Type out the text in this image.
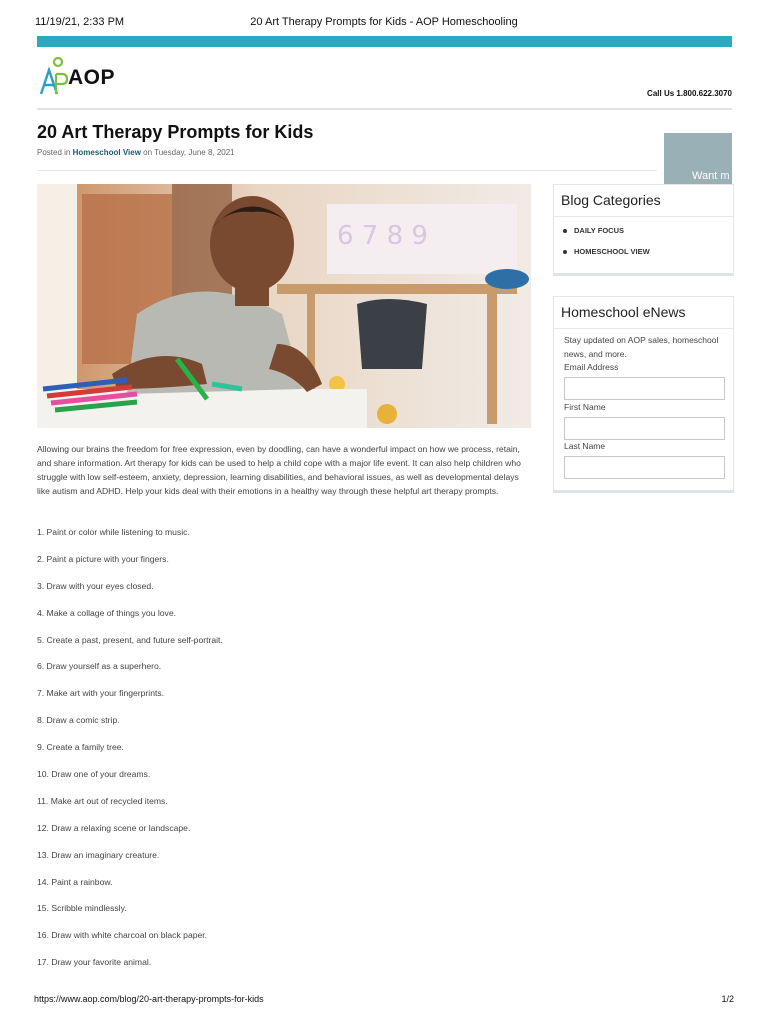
11/19/21, 2:33 PM	20 Art Therapy Prompts for Kids - AOP Homeschooling
AOP
Call Us 1.800.622.3070
20 Art Therapy Prompts for Kids
Posted in Homeschool View on Tuesday, June 8, 2021
Want m
6 7 8 9

Allowing our brains the freedom for free expression, even by doodling, can have a wonderful impact on how we process, retain, and share information. Art therapy for kids can be used to help a child cope with a major life event. It can also help children who struggle with low self-esteem, anxiety, depression, learning disabilities, and behavioral issues, as well as developmental delays like autism and ADHD. Help your kids deal with their emotions in a healthy way through these helpful art therapy prompts.

1. Paint or color while listening to music.
2. Paint a picture with your fingers.
3. Draw with your eyes closed.
4. Make a collage of things you love.
5. Create a past, present, and future self-portrait.
6. Draw yourself as a superhero.
7. Make art with your fingerprints.
8. Draw a comic strip.
9. Create a family tree.
10. Draw one of your dreams.
11. Make art out of recycled items.
12. Draw a relaxing scene or landscape.
13. Draw an imaginary creature.
14. Paint a rainbow.
15. Scribble mindlessly.
16. Draw with white charcoal on black paper.
17. Draw your favorite animal.
Blog Categories
DAILY FOCUS
HOMESCHOOL VIEW
Homeschool eNews
Stay updated on AOP sales, homeschool news, and more.
Email Address
First Name
Last Name
https://www.aop.com/blog/20-art-therapy-prompts-for-kids	1/2
